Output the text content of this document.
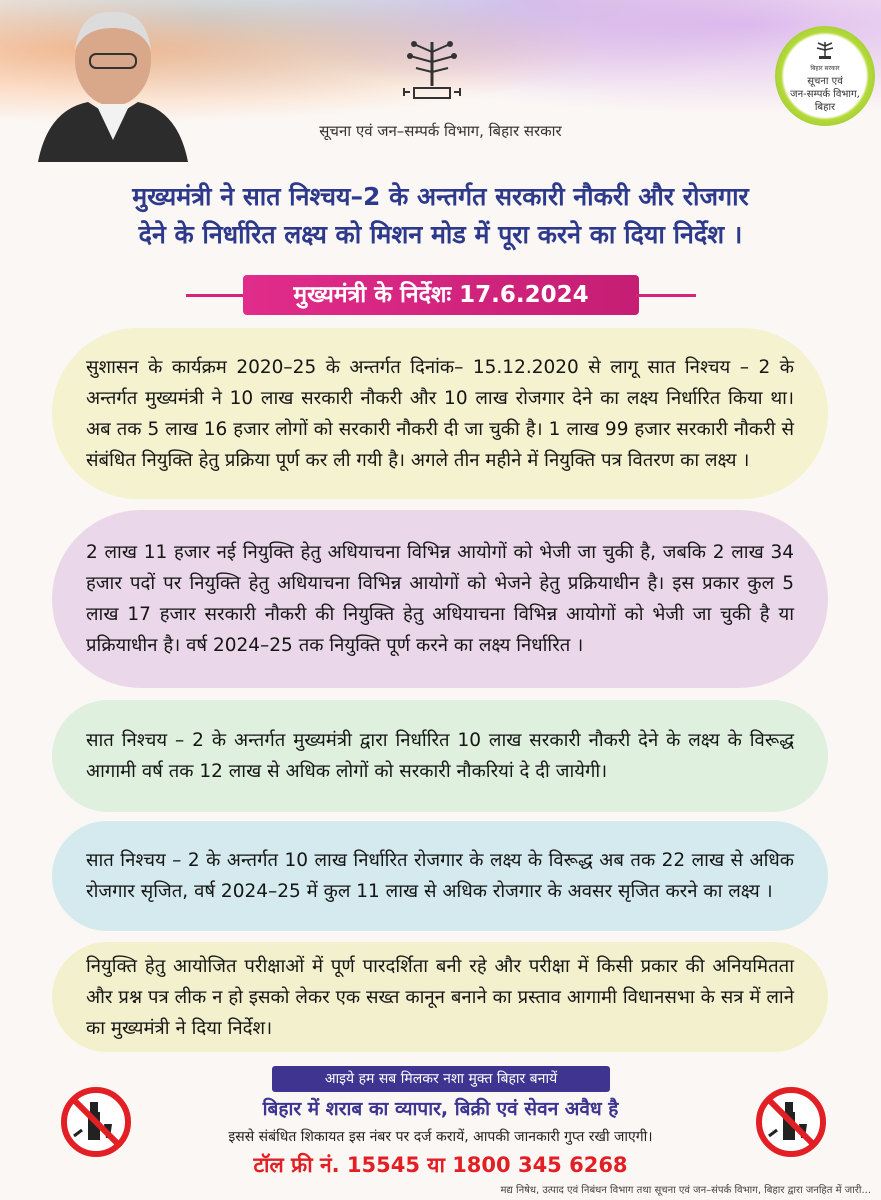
सूचना एवं जन–सम्पर्क विभाग, बिहार सरकार
बिहार सरकार
सूचना एवं
जन-सम्पर्क विभाग,
बिहार
मुख्यमंत्री ने सात निश्चय–2 के अन्तर्गत सरकारी नौकरी और रोजगार
देने के निर्धारित लक्ष्य को मिशन मोड में पूरा करने का दिया निर्देश ।
मुख्यमंत्री के निर्देशः 17.6.2024
सुशासन के कार्यक्रम 2020–25 के अन्तर्गत दिनांक– 15.12.2020 से लागू सात निश्चय – 2 के अन्तर्गत मुख्यमंत्री ने 10 लाख सरकारी नौकरी और 10 लाख रोजगार देने का लक्ष्य निर्धारित किया था। अब तक 5 लाख 16 हजार लोगों को सरकारी नौकरी दी जा चुकी है। 1 लाख 99 हजार सरकारी नौकरी से संबंधित नियुक्ति हेतु प्रक्रिया पूर्ण कर ली गयी है। अगले तीन महीने में नियुक्ति पत्र वितरण का लक्ष्य ।
2 लाख 11 हजार नई नियुक्ति हेतु अधियाचना विभिन्न आयोगों को भेजी जा चुकी है, जबकि 2 लाख 34 हजार पदों पर नियुक्ति हेतु अधियाचना विभिन्न आयोगों को भेजने हेतु प्रक्रियाधीन है। इस प्रकार कुल 5 लाख 17 हजार सरकारी नौकरी की नियुक्ति हेतु अधियाचना विभिन्न आयोगों को भेजी जा चुकी है या प्रक्रियाधीन है। वर्ष 2024–25 तक नियुक्ति पूर्ण करने का लक्ष्य निर्धारित ।
सात निश्चय – 2 के अन्तर्गत मुख्यमंत्री द्वारा निर्धारित 10 लाख सरकारी नौकरी देने के लक्ष्य के विरूद्ध आगामी वर्ष तक 12 लाख से अधिक लोगों को सरकारी नौकरियां दे दी जायेगी।
सात निश्चय – 2 के अन्तर्गत 10 लाख निर्धारित रोजगार के लक्ष्य के विरूद्ध अब तक 22 लाख से अधिक रोजगार सृजित, वर्ष 2024–25 में कुल 11 लाख से अधिक रोजगार के अवसर सृजित करने का लक्ष्य ।
नियुक्ति हेतु आयोजित परीक्षाओं में पूर्ण पारदर्शिता बनी रहे और परीक्षा में किसी प्रकार की अनियमितता और प्रश्न पत्र लीक न हो इसको लेकर एक सख्त कानून बनाने का प्रस्ताव आगामी विधानसभा के सत्र में लाने का मुख्यमंत्री ने दिया निर्देश।
आइये हम सब मिलकर नशा मुक्त बिहार बनायें
बिहार में शराब का व्यापार, बिक्री एवं सेवन अवैध है
इससे संबंधित शिकायत इस नंबर पर दर्ज करायें, आपकी जानकारी गुप्त रखी जाएगी।
टॉल फ्री नं. 15545 या 1800 345 6268
मद्य निषेध, उत्पाद एवं निबंधन विभाग तथा सूचना एवं जन–संपर्क विभाग, बिहार द्वारा जनहित में जारी...
